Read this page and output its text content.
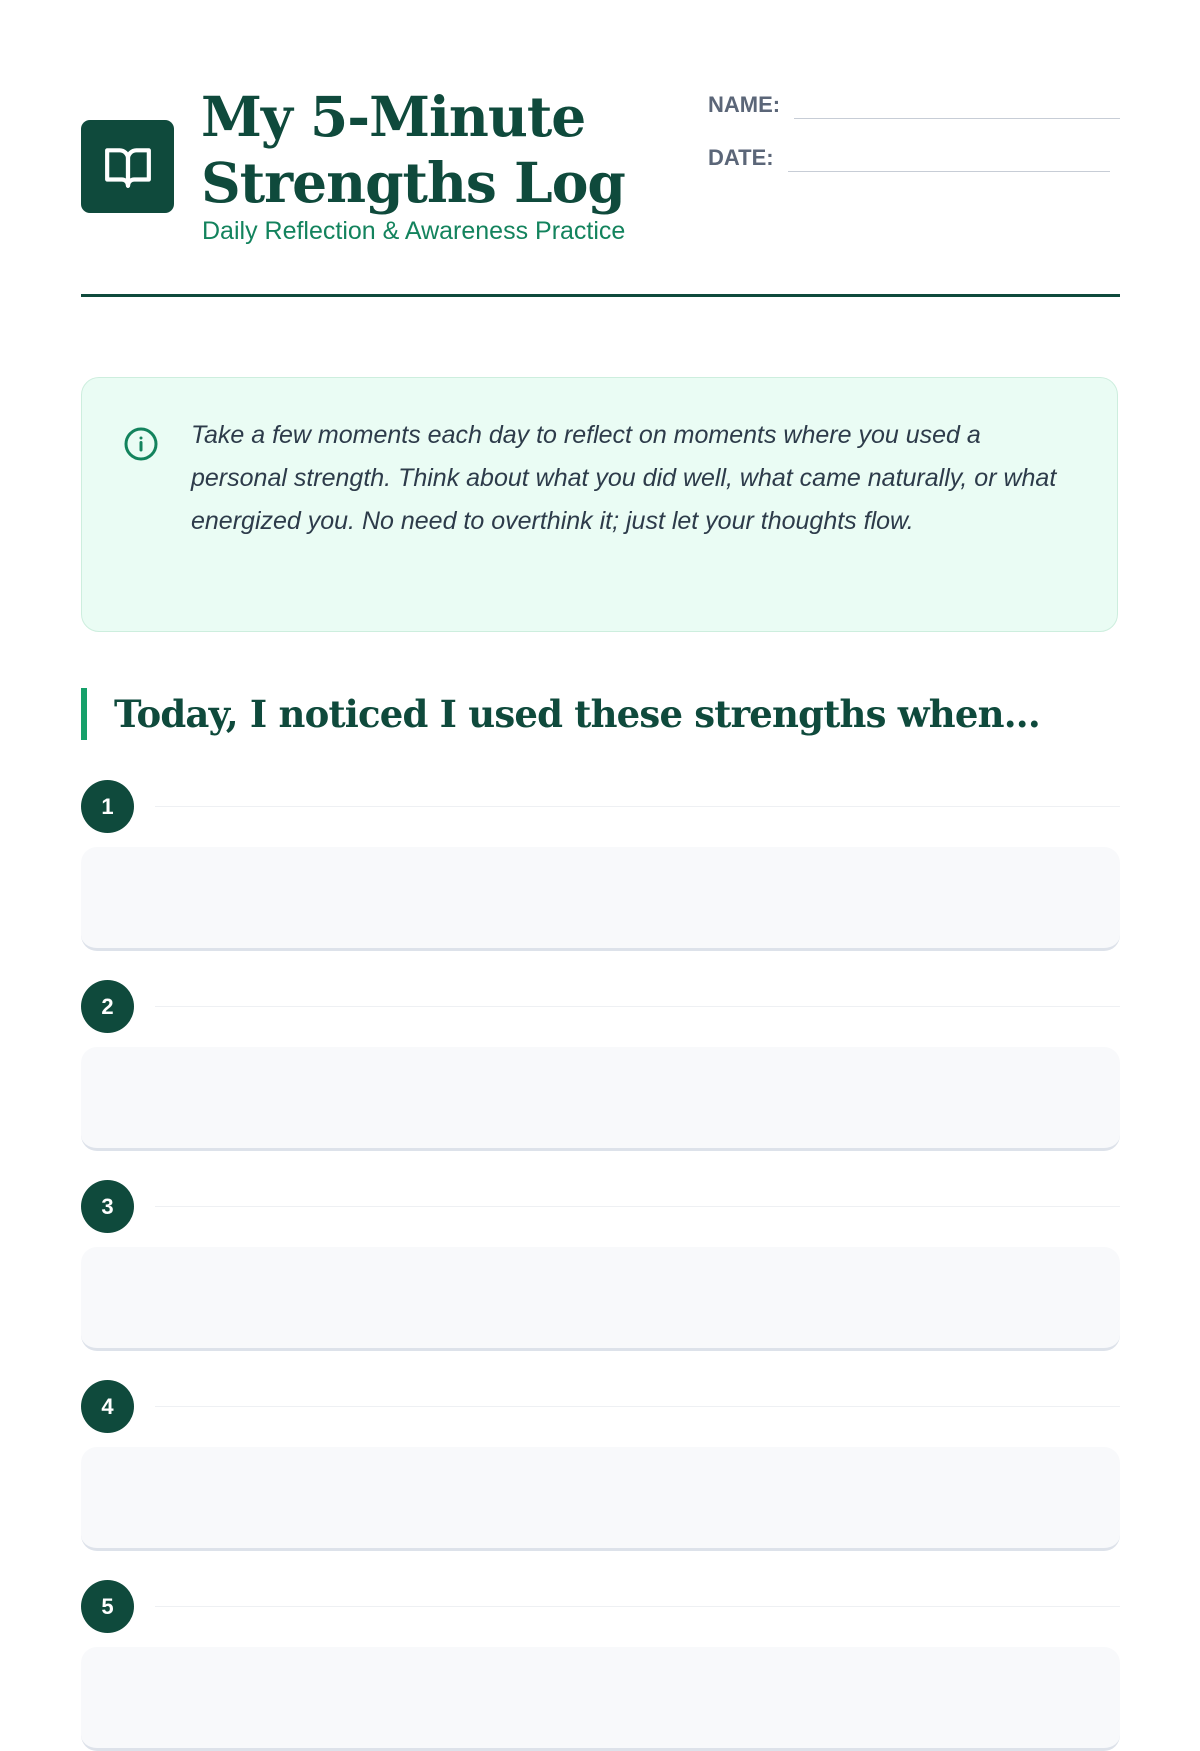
My 5-Minute Strengths Log
Daily Reflection & Awareness Practice
NAME:
DATE:

Take a few moments each day to reflect on moments where you used a personal strength. Think about what you did well, what came naturally, or what energized you. No need to overthink it; just let your thoughts flow.

Today, I noticed I used these strengths when...
1
2
3
4
5
